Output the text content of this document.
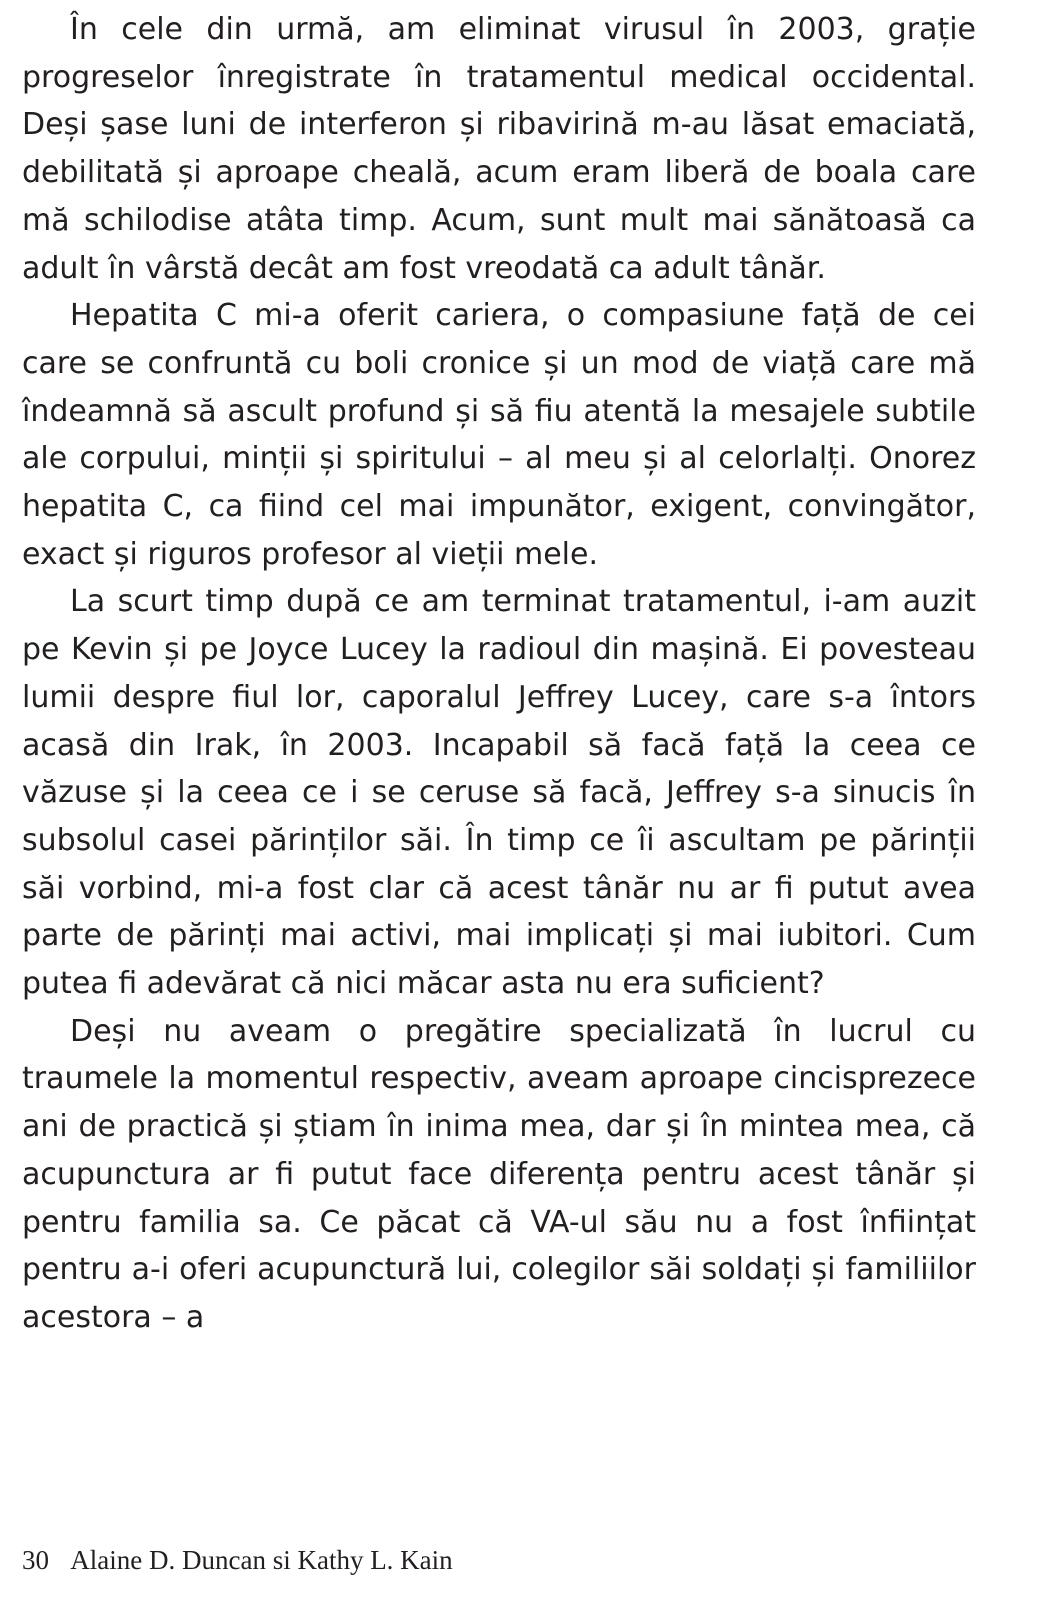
În cele din urmă, am eliminat virusul în 2003, grație progreselor înregistrate în tratamentul medical occidental. Deși șase luni de interferon și ribavirină m-au lăsat emaciată, debilitată și aproape cheală, acum eram liberă de boala care mă schilodise atâta timp. Acum, sunt mult mai sănătoasă ca adult în vârstă decât am fost vreodată ca adult tânăr.

Hepatita C mi-a oferit cariera, o compasiune față de cei care se confruntă cu boli cronice și un mod de viață care mă îndeamnă să ascult profund și să fiu atentă la mesajele subtile ale corpului, minții și spiritului – al meu și al celorlalți. Onorez hepatita C, ca fiind cel mai impunător, exigent, convingător, exact și riguros profesor al vieții mele.

La scurt timp după ce am terminat tratamentul, i-am auzit pe Kevin și pe Joyce Lucey la radioul din mașină. Ei povesteau lumii despre fiul lor, caporalul Jeffrey Lucey, care s-a întors acasă din Irak, în 2003. Incapabil să facă față la ceea ce văzuse și la ceea ce i se ceruse să facă, Jeffrey s-a sinucis în subsolul casei părinților săi. În timp ce îi ascultam pe părinții săi vorbind, mi-a fost clar că acest tânăr nu ar fi putut avea parte de părinți mai activi, mai implicați și mai iubitori. Cum putea fi adevărat că nici măcar asta nu era suficient?

Deși nu aveam o pregătire specializată în lucrul cu traumele la momentul respectiv, aveam aproape cincisprezece ani de practică și știam în inima mea, dar și în mintea mea, că acupunctura ar fi putut face diferența pentru acest tânăr și pentru familia sa. Ce păcat că VA-ul său nu a fost înființat pentru a-i oferi acupunctură lui, colegilor săi soldați și familiilor acestora – a

30 Alaine D. Duncan si Kathy L. Kain
